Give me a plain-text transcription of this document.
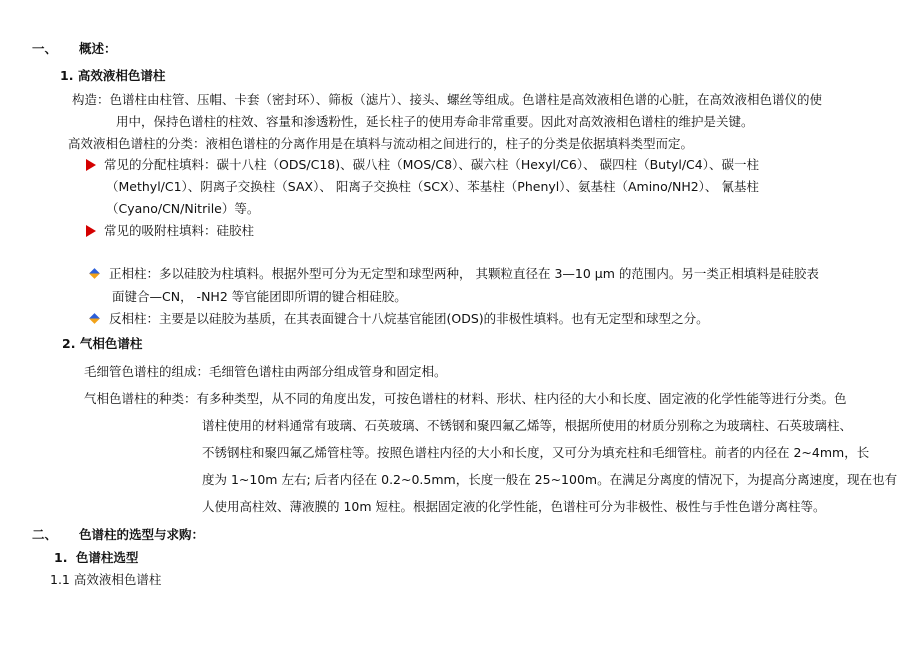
一、 概述：
1. 高效液相色谱柱
构造：色谱柱由柱管、压帽、卡套（密封环）、筛板（滤片）、接头、螺丝等组成。色谱柱是高效液相色谱的心脏，在高效液相色谱仪的使
用中，保持色谱柱的柱效、容量和渗透粉性，延长柱子的使用寿命非常重要。因此对高效液相色谱柱的维护是关键。
高效液相色谱柱的分类：液相色谱柱的分离作用是在填料与流动相之间进行的，柱子的分类是依据填料类型而定。
常见的分配柱填料：碳十八柱（ODS/C18)、碳八柱（MOS/C8）、碳六柱（Hexyl/C6）、 碳四柱（Butyl/C4）、碳一柱
（Methyl/C1）、阴离子交换柱（SAX）、 阳离子交换柱（SCX）、苯基柱（Phenyl）、氨基柱（Amino/NH2）、 氰基柱
（Cyano/CN/Nitrile）等。
常见的吸附柱填料：硅胶柱
正相柱：多以硅胶为柱填料。根据外型可分为无定型和球型两种， 其颗粒直径在 3—10 μm 的范围内。另一类正相填料是硅胶表
面键合—CN， -NH2 等官能团即所谓的键合相硅胶。
反相柱：主要是以硅胶为基质，在其表面键合十八烷基官能团(ODS)的非极性填料。也有无定型和球型之分。
2. 气相色谱柱
毛细管色谱柱的组成：毛细管色谱柱由两部分组成管身和固定相。
气相色谱柱的种类：有多种类型，从不同的角度出发，可按色谱柱的材料、形状、柱内径的大小和长度、固定液的化学性能等进行分类。色
谱柱使用的材料通常有玻璃、石英玻璃、不锈钢和聚四氟乙烯等，根据所使用的材质分别称之为玻璃柱、石英玻璃柱、
不锈钢柱和聚四氟乙烯管柱等。按照色谱柱内径的大小和长度，又可分为填充柱和毛细管柱。前者的内径在 2~4mm，长
度为 1~10m 左右; 后者内径在 0.2~0.5mm，长度一般在 25~100m。在满足分离度的情况下，为提高分离速度，现在也有
人使用高柱效、薄液膜的 10m 短柱。根据固定液的化学性能，色谱柱可分为非极性、极性与手性色谱分离柱等。
二、 色谱柱的选型与求购：
1. 色谱柱选型
1.1 高效液相色谱柱
